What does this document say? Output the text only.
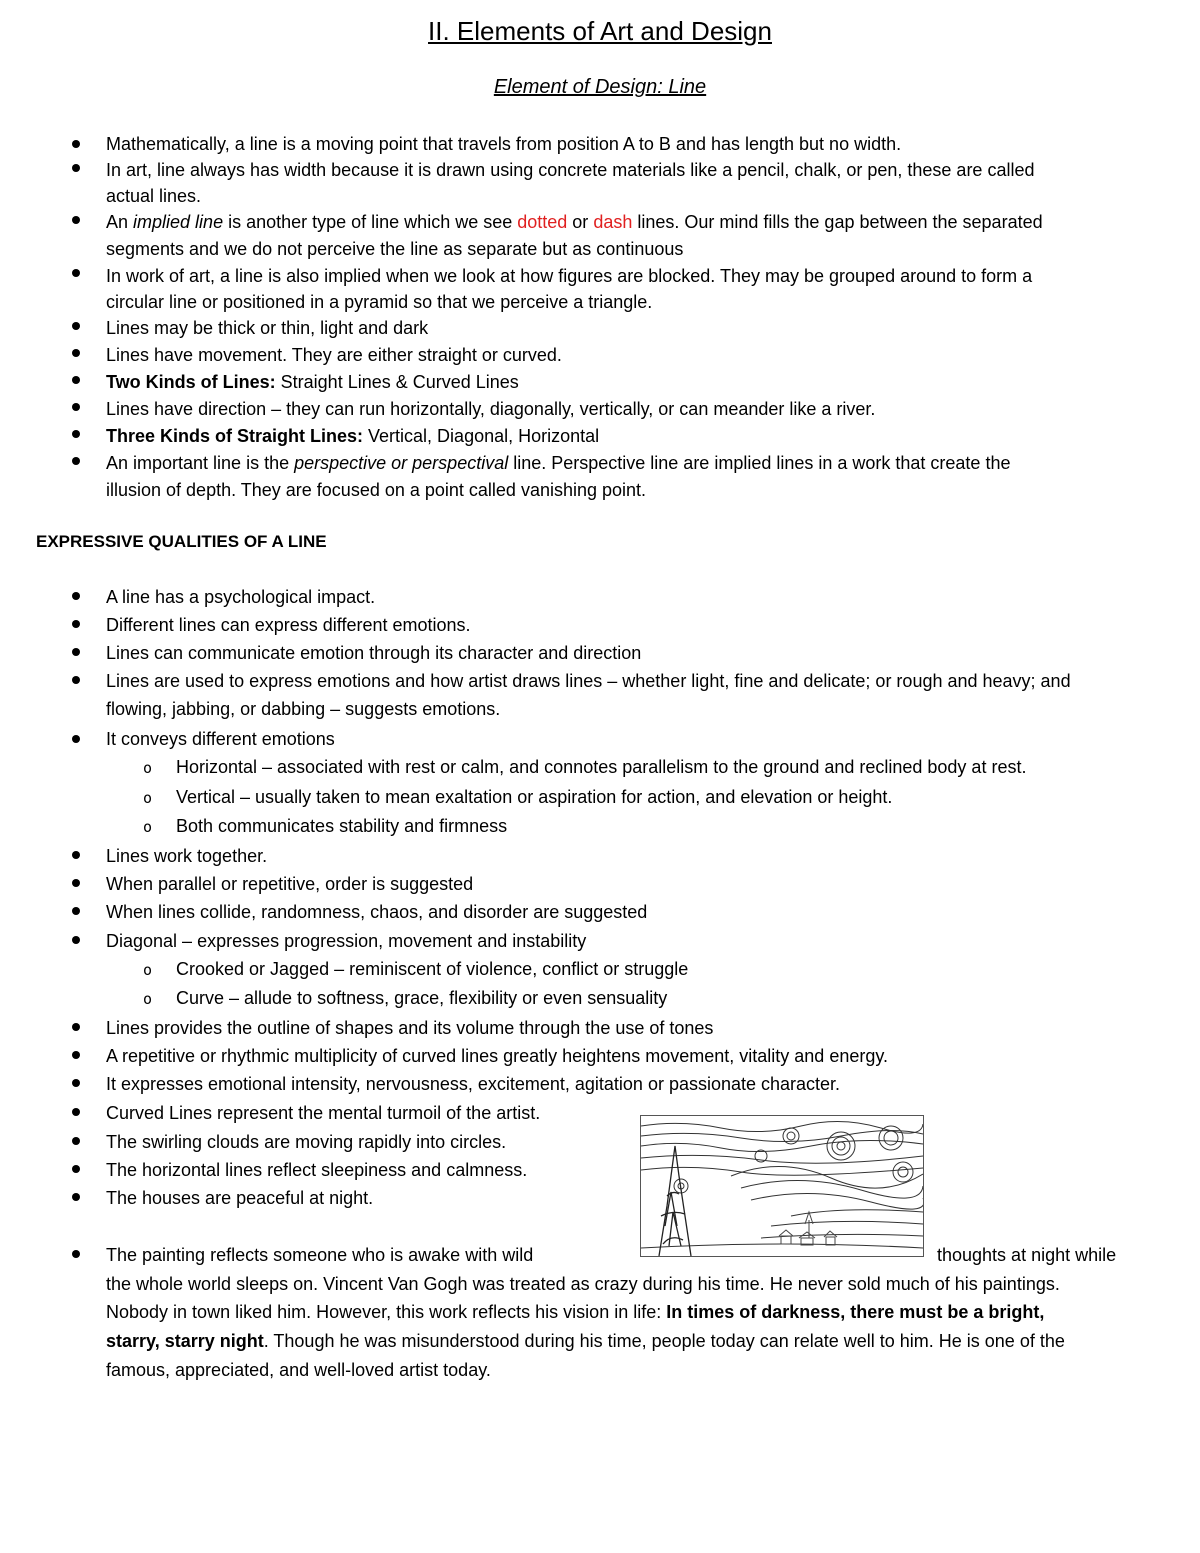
II. Elements of Art and Design
Element of Design: Line
Mathematically, a line is a moving point that travels from position A to B and has length but no width.
In art, line always has width because it is drawn using concrete materials like a pencil, chalk, or pen, these are called
actual lines.
An implied line is another type of line which we see dotted or dash lines. Our mind fills the gap between the separated
segments and we do not perceive the line as separate but as continuous
In work of art, a line is also implied when we look at how figures are blocked. They may be grouped around to form a
circular line or positioned in a pyramid so that we perceive a triangle.
Lines may be thick or thin, light and dark
Lines have movement. They are either straight or curved.
Two Kinds of Lines: Straight Lines & Curved Lines
Lines have direction – they can run horizontally, diagonally, vertically, or can meander like a river.
Three Kinds of Straight Lines: Vertical, Diagonal, Horizontal
An important line is the perspective or perspectival line. Perspective line are implied lines in a work that create the
illusion of depth. They are focused on a point called vanishing point.
EXPRESSIVE QUALITIES OF A LINE
A line has a psychological impact.
Different lines can express different emotions.
Lines can communicate emotion through its character and direction
Lines are used to express emotions and how artist draws lines – whether light, fine and delicate; or rough and heavy; and
flowing, jabbing, or dabbing – suggests emotions.
It conveys different emotions
o Horizontal – associated with rest or calm, and connotes parallelism to the ground and reclined body at rest.
o Vertical – usually taken to mean exaltation or aspiration for action, and elevation or height.
o Both communicates stability and firmness
Lines work together.
When parallel or repetitive, order is suggested
When lines collide, randomness, chaos, and disorder are suggested
Diagonal – expresses progression, movement and instability
o Crooked or Jagged – reminiscent of violence, conflict or struggle
o Curve – allude to softness, grace, flexibility or even sensuality
Lines provides the outline of shapes and its volume through the use of tones
A repetitive or rhythmic multiplicity of curved lines greatly heightens movement, vitality and energy.
It expresses emotional intensity, nervousness, excitement, agitation or passionate character.
Curved Lines represent the mental turmoil of the artist.
The swirling clouds are moving rapidly into circles.
The horizontal lines reflect sleepiness and calmness.
The houses are peaceful at night.
The painting reflects someone who is awake with wild	thoughts at night while
the whole world sleeps on. Vincent Van Gogh was treated as crazy during his time. He never sold much of his paintings.
Nobody in town liked him. However, this work reflects his vision in life: In times of darkness, there must be a bright,
starry, starry night. Though he was misunderstood during his time, people today can relate well to him. He is one of the
famous, appreciated, and well-loved artist today.
